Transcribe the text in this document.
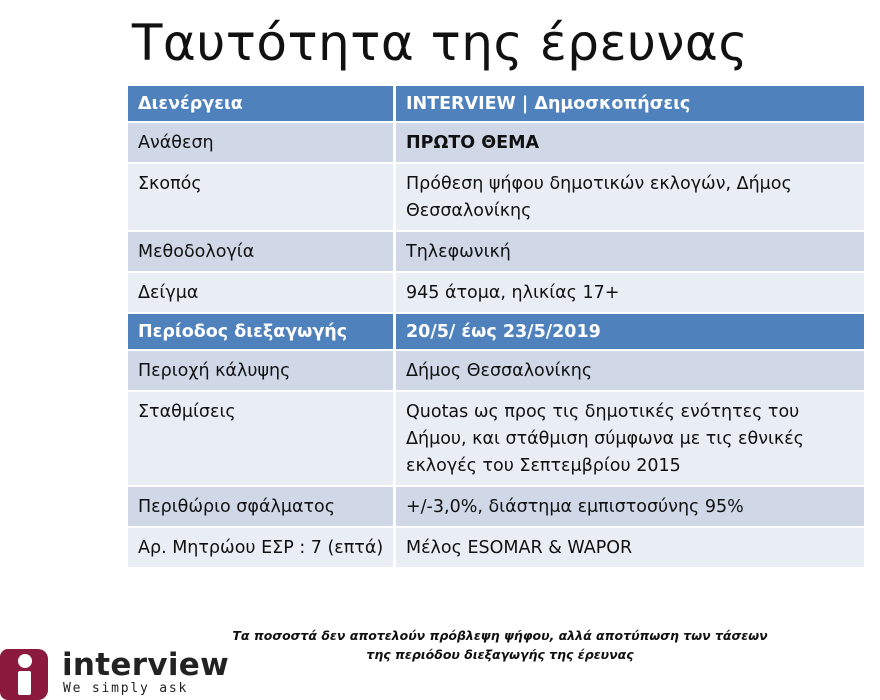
Ταυτότητα της έρευνας
Διενέργεια	INTERVIEW | Δημοσκοπήσεις
Ανάθεση	ΠΡΩΤΟ ΘΕΜΑ
Σκοπός	Πρόθεση ψήφου δημοτικών εκλογών, Δήμος Θεσσαλονίκης
Μεθοδολογία	Τηλεφωνική
Δείγμα	945 άτομα, ηλικίας 17+
Περίοδος διεξαγωγής	20/5/ έως 23/5/2019
Περιοχή κάλυψης	Δήμος Θεσσαλονίκης
Σταθμίσεις	Quotas ως προς τις δημοτικές ενότητες του Δήμου, και στάθμιση σύμφωνα με τις εθνικές εκλογές του Σεπτεμβρίου 2015
Περιθώριο σφάλματος	+/-3,0%, διάστημα εμπιστοσύνης 95%
Αρ. Μητρώου ΕΣΡ : 7 (επτά)	Μέλος ESOMAR & WAPOR
Τα ποσοστά δεν αποτελούν πρόβλεψη ψήφου, αλλά αποτύπωση των τάσεων
της περιόδου διεξαγωγής της έρευνας
interview
We simply ask
